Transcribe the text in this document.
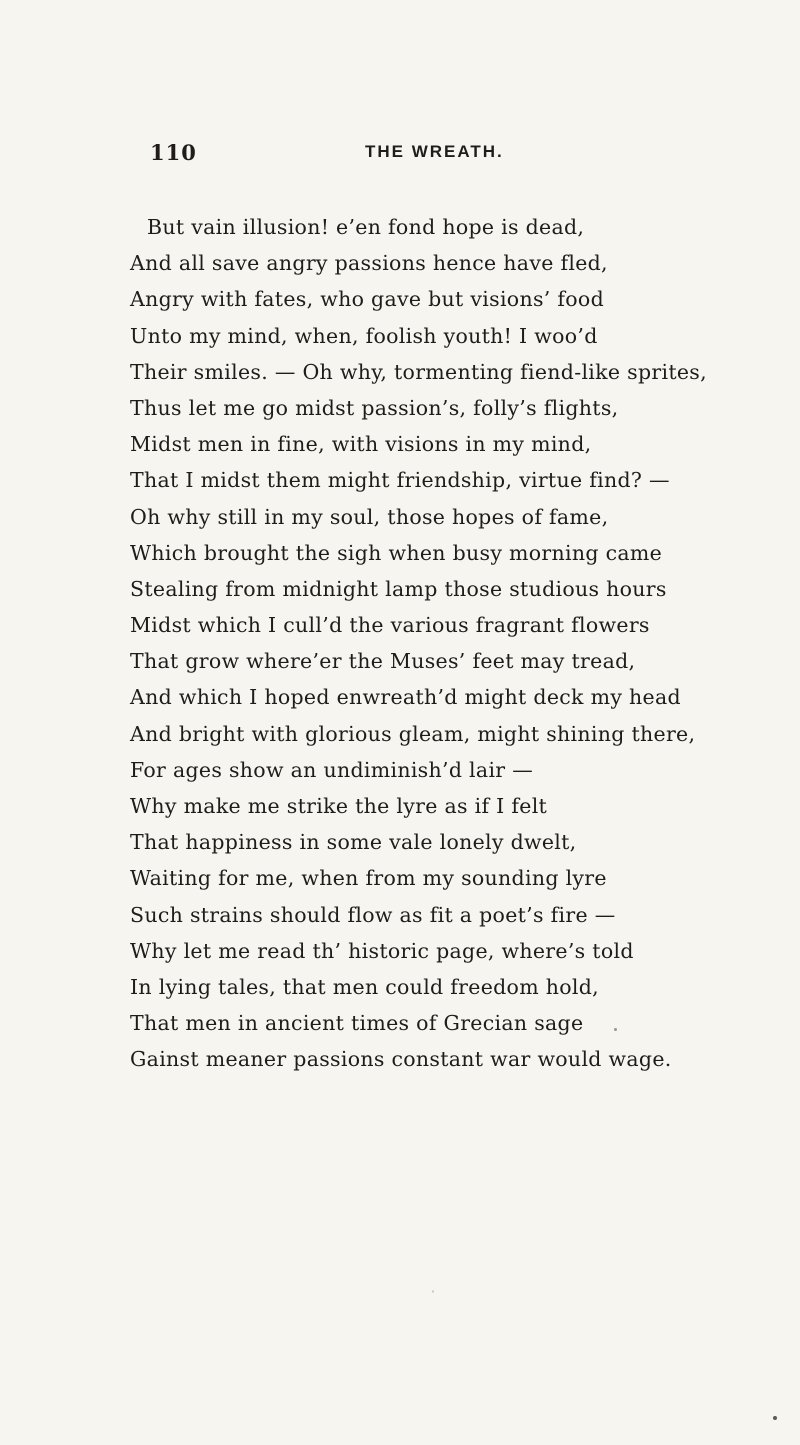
110	THE WREATH.
But vain illusion! e’en fond hope is dead,
And all save angry passions hence have fled,
Angry with fates, who gave but visions’ food
Unto my mind, when, foolish youth! I woo’d
Their smiles. — Oh why, tormenting fiend-like sprites,
Thus let me go midst passion’s, folly’s flights,
Midst men in fine, with visions in my mind,
That I midst them might friendship, virtue find? —
Oh why still in my soul, those hopes of fame,
Which brought the sigh when busy morning came
Stealing from midnight lamp those studious hours
Midst which I cull’d the various fragrant flowers
That grow where’er the Muses’ feet may tread,
And which I hoped enwreath’d might deck my head
And bright with glorious gleam, might shining there,
For ages show an undiminish’d lair —
Why make me strike the lyre as if I felt
That happiness in some vale lonely dwelt,
Waiting for me, when from my sounding lyre
Such strains should flow as fit a poet’s fire —
Why let me read th’ historic page, where’s told
In lying tales, that men could freedom hold,
That men in ancient times of Grecian sage
Gainst meaner passions constant war would wage.
